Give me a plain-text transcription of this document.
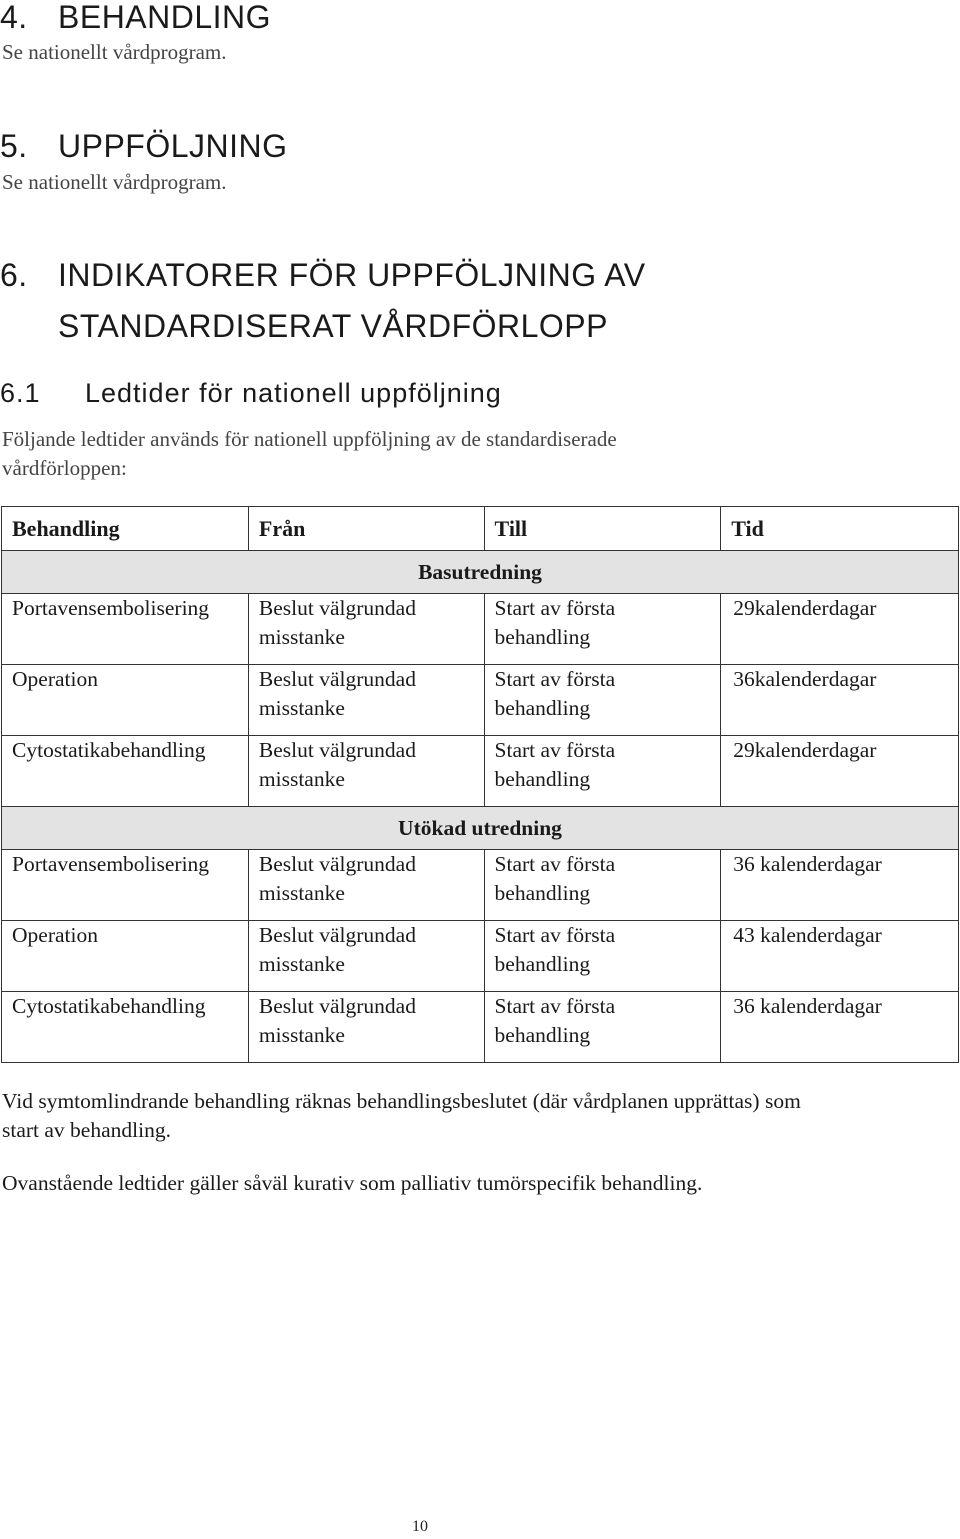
4. BEHANDLING
Se nationellt vårdprogram.
5. UPPFÖLJNING
Se nationellt vårdprogram.
6. INDIKATORER FÖR UPPFÖLJNING AV
STANDARDISERAT VÅRDFÖRLOPP
6.1 Ledtider för nationell uppföljning
Följande ledtider används för nationell uppföljning av de standardiserade vårdförloppen:
Behandling	Från	Till	Tid
Basutredning			
Portavensembolisering	Beslut välgrundad misstanke	Start av första behandling	29kalenderdagar
Operation	Beslut välgrundad misstanke	Start av första behandling	36kalenderdagar
Cytostatikabehandling	Beslut välgrundad misstanke	Start av första behandling	29kalenderdagar
Utökad utredning			
Portavensembolisering	Beslut välgrundad misstanke	Start av första behandling	36 kalenderdagar
Operation	Beslut välgrundad misstanke	Start av första behandling	43 kalenderdagar
Cytostatikabehandling	Beslut välgrundad misstanke	Start av första behandling	36 kalenderdagar
Vid symtomlindrande behandling räknas behandlingsbeslutet (där vårdplanen upprättas) som start av behandling.
Ovanstående ledtider gäller såväl kurativ som palliativ tumörspecifik behandling.
10
